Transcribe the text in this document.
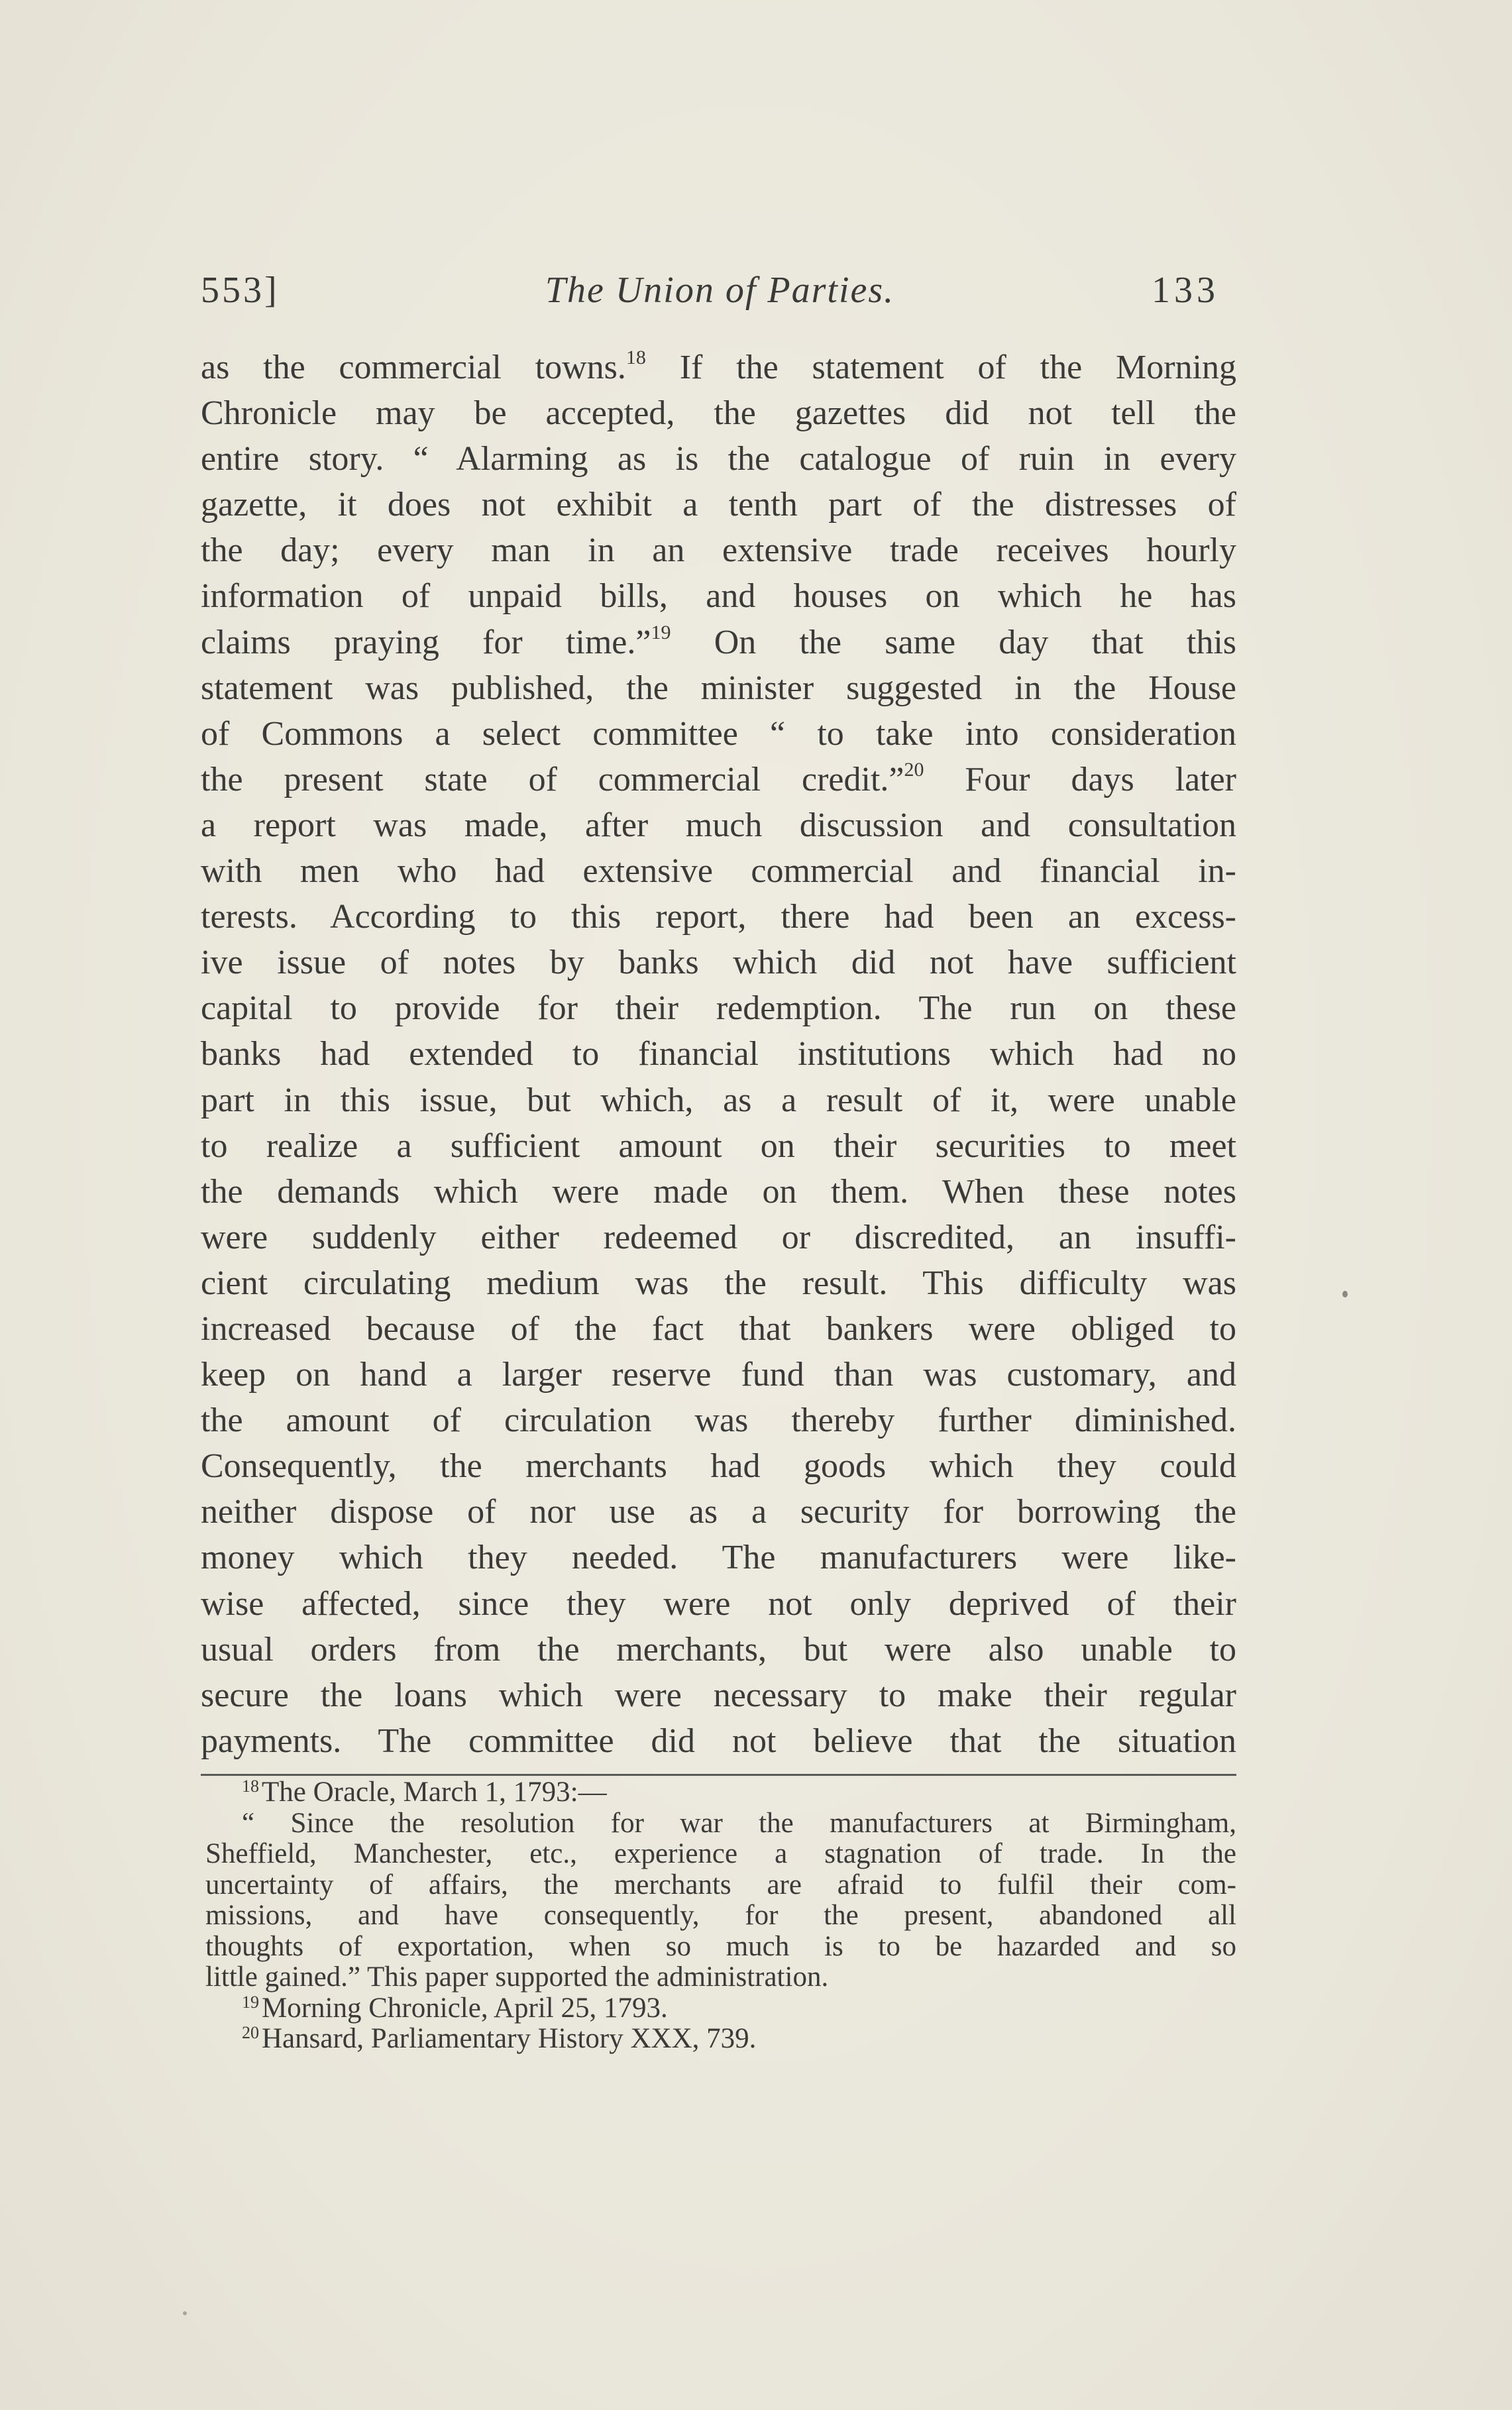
553]	The Union of Parties.	133
as the commercial towns.$^{18}$ If the statement of the Morning
Chronicle may be accepted, the gazettes did not tell the
entire story. “ Alarming as is the catalogue of ruin in every
gazette, it does not exhibit a tenth part of the distresses of
the day; every man in an extensive trade receives hourly
information of unpaid bills, and houses on which he has
claims praying for time.”$^{19}$ On the same day that this
statement was published, the minister suggested in the House
of Commons a select committee “ to take into consideration
the present state of commercial credit.”$^{20}$ Four days later
a report was made, after much discussion and consultation
with men who had extensive commercial and financial in-
terests. According to this report, there had been an excess-
ive issue of notes by banks which did not have sufficient
capital to provide for their redemption. The run on these
banks had extended to financial institutions which had no
part in this issue, but which, as a result of it, were unable
to realize a sufficient amount on their securities to meet
the demands which were made on them. When these notes
were suddenly either redeemed or discredited, an insuffi-
cient circulating medium was the result. This difficulty was
increased because of the fact that bankers were obliged to
keep on hand a larger reserve fund than was customary, and
the amount of circulation was thereby further diminished.
Consequently, the merchants had goods which they could
neither dispose of nor use as a security for borrowing the
money which they needed. The manufacturers were like-
wise affected, since they were not only deprived of their
usual orders from the merchants, but were also unable to
secure the loans which were necessary to make their regular
payments. The committee did not believe that the situation
$^{18}$The Oracle, March 1, 1793:—
“ Since the resolution for war the manufacturers at Birmingham,
Sheffield, Manchester, etc., experience a stagnation of trade. In the
uncertainty of affairs, the merchants are afraid to fulfil their com-
missions, and have consequently, for the present, abandoned all
thoughts of exportation, when so much is to be hazarded and so
little gained.” This paper supported the administration.
$^{19}$Morning Chronicle, April 25, 1793.
$^{20}$Hansard, Parliamentary History XXX, 739.
